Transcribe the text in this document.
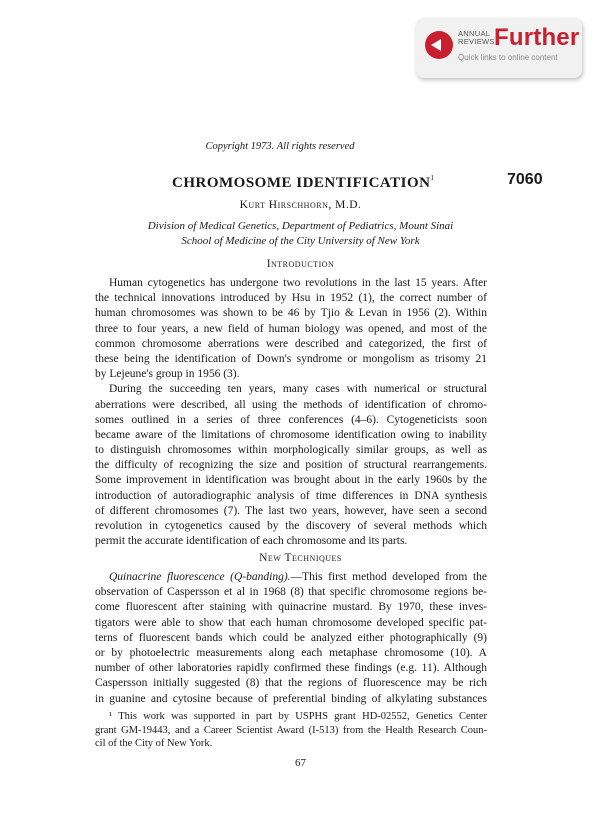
ANNUAL
REVIEWS Further
Quick links to online content
Copyright 1973. All rights reserved
CHROMOSOME IDENTIFICATION$^1$	7060
Kurt Hirschhorn, M.D.
Division of Medical Genetics, Department of Pediatrics, Mount Sinai
School of Medicine of the City University of New York
Introduction
Human cytogenetics has undergone two revolutions in the last 15 years. After
the technical innovations introduced by Hsu in 1952 (1), the correct number of
human chromosomes was shown to be 46 by Tjio & Levan in 1956 (2). Within
three to four years, a new field of human biology was opened, and most of the
common chromosome aberrations were described and categorized, the first of
these being the identification of Down's syndrome or mongolism as trisomy 21
by Lejeune's group in 1956 (3).
During the succeeding ten years, many cases with numerical or structural
aberrations were described, all using the methods of identification of chromo-
somes outlined in a series of three conferences (4–6). Cytogeneticists soon
became aware of the limitations of chromosome identification owing to inability
to distinguish chromosomes within morphologically similar groups, as well as
the difficulty of recognizing the size and position of structural rearrangements.
Some improvement in identification was brought about in the early 1960s by the
introduction of autoradiographic analysis of time differences in DNA synthesis
of different chromosomes (7). The last two years, however, have seen a second
revolution in cytogenetics caused by the discovery of several methods which
permit the accurate identification of each chromosome and its parts.
New Techniques
Quinacrine fluorescence (Q-banding).—This first method developed from the
observation of Caspersson et al in 1968 (8) that specific chromosome regions be-
come fluorescent after staining with quinacrine mustard. By 1970, these inves-
tigators were able to show that each human chromosome developed specific pat-
terns of fluorescent bands which could be analyzed either photographically (9)
or by photoelectric measurements along each metaphase chromosome (10). A
number of other laboratories rapidly confirmed these findings (e.g. 11). Although
Caspersson initially suggested (8) that the regions of fluorescence may be rich
in guanine and cytosine because of preferential binding of alkylating substances
¹ This work was supported in part by USPHS grant HD-02552, Genetics Center
grant GM-19443, and a Career Scientist Award (I-513) from the Health Research Coun-
cil of the City of New York.
67
